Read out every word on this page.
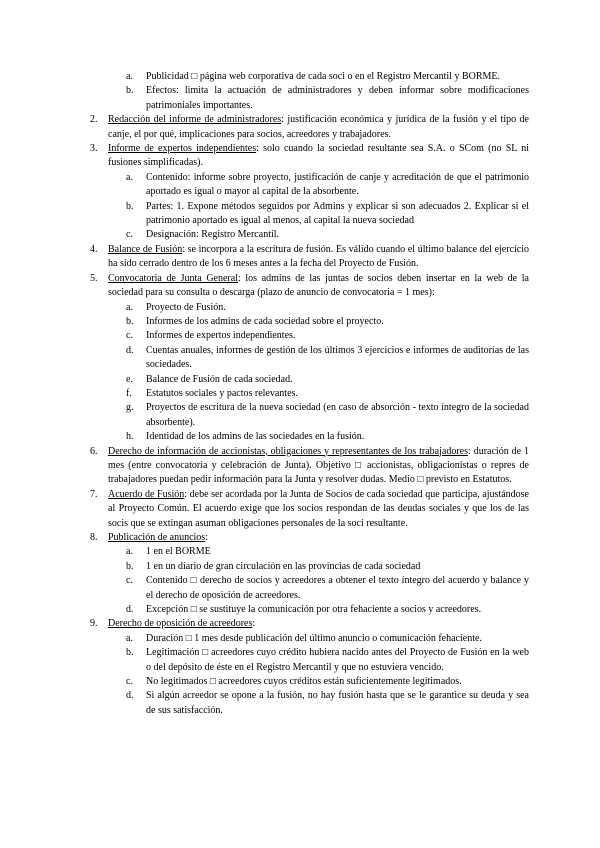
a.	Publicidad □ página web corporativa de cada soci o en el Registro Mercantil y BORME.
b.	Efectos: limita la actuación de administradores y deben informar sobre modificaciones patrimoniales importantes.
2.	Redacción del informe de administradores: justificación económica y jurídica de la fusión y el tipo de canje, el por qué, implicaciones para socios, acreedores y trabajadores.
3.	Informe de expertos independientes: solo cuando la sociedad resultante sea S.A. o SCom (no SL ni fusiones simplificadas).
a.	Contenido: informe sobre proyecto, justificación de canje y acreditación de que el patrimonio aportado es igual o mayor al capital de la absorbente.
b.	Partes: 1. Expone métodos seguidos por Admins y explicar si son adecuados 2. Explicar si el patrimonio aportado es igual al menos, al capital la nueva sociedad
c.	Designación: Registro Mercantil.
4.	Balance de Fusión: se incorpora a la escritura de fusión. Es válido cuando el último balance del ejercicio ha sido cerrado dentro de los 6 meses antes a la fecha del Proyecto de Fusión.
5.	Convocatoria de Junta General: los admins de las juntas de socios deben insertar en la web de la sociedad para su consulta o descarga (plazo de anuncio de convocatoria = 1 mes):
a.	Proyecto de Fusión.
b.	Informes de los admins de cada sociedad sobre el proyecto.
c.	Informes de expertos independientes.
d.	Cuentas anuales, informes de gestión de los últimos 3 ejercicios e informes de auditorías de las sociedades.
e.	Balance de Fusión de cada sociedad.
f.	Estatutos sociales y pactos relevantes.
g.	Proyectos de escritura de la nueva sociedad (en caso de absorción - texto íntegro de la sociedad absorbente).
h.	Identidad de los admins de las sociedades en la fusión.
6.	Derecho de información de accionistas, obligaciones y representantes de los trabajadores: duración de 1 mes (entre convocatoria y celebración de Junta). Objetivo □ accionistas, obligacionistas o repres de trabajadores puedan pedir información para la Junta y resolver dudas. Medio □ previsto en Estatutos.
7.	Acuerdo de Fusión: debe ser acordada por la Junta de Socios de cada sociedad que participa, ajustándose al Proyecto Común. El acuerdo exige que los socios respondan de las deudas sociales y que los de las socis que se extingan asuman obligaciones personales de la soci resultante.
8.	Publicación de anuncios:
a.	1 en el BORME
b.	1 en un diario de gran circulación en las provincias de cada sociedad
c.	Contenido □ derecho de socios y acreedores a obtener el texto íntegro del acuerdo y balance y el derecho de oposición de acreedores.
d.	Excepción □ se sustituye la comunicación por otra fehaciente a socios y acreedores.
9.	Derecho de oposición de acreedores:
a.	Duración □ 1 mes desde publicación del último anuncio o comunicación fehaciente.
b.	Legitimación □ acreedores cuyo crédito hubiera nacido antes del Proyecto de Fusión en la web o del depósito de éste en el Registro Mercantil y que no estuviera vencido.
c.	No legitimados □ acreedores cuyos créditos están suficientemente legitimados.
d.	Si algún acreedor se opone a la fusión, no hay fusión hasta que se le garantice su deuda y sea de sus satisfacción.
